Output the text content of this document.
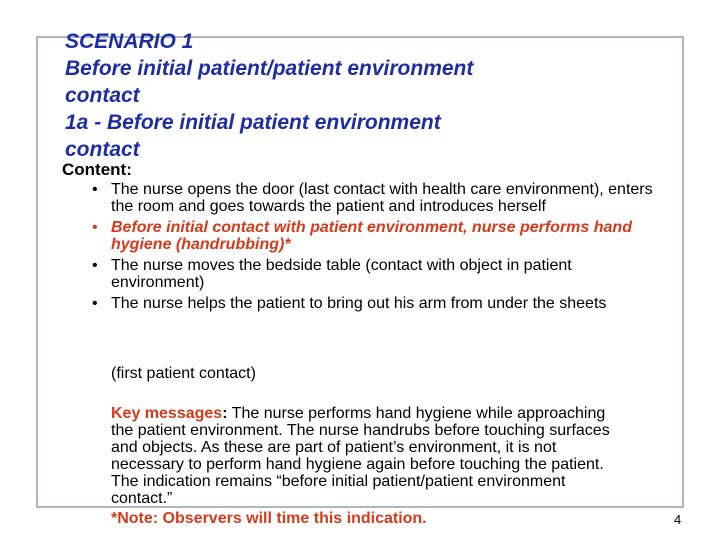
SCENARIO 1
Before initial patient/patient environment
contact
1a - Before initial patient environment
contact
Content:
• The nurse opens the door (last contact with health care environment), enters the room and goes towards the patient and introduces herself
• Before initial contact with patient environment, nurse performs hand hygiene (handrubbing)*
• The nurse moves the bedside table (contact with object in patient environment)
• The nurse helps the patient to bring out his arm from under the sheets
(first patient contact)
Key messages: The nurse performs hand hygiene while approaching the patient environment. The nurse handrubs before touching surfaces and objects. As these are part of patient’s environment, it is not necessary to perform hand hygiene again before touching the patient. The indication remains “before initial patient/patient environment contact.”
*Note: Observers will time this indication.	4
